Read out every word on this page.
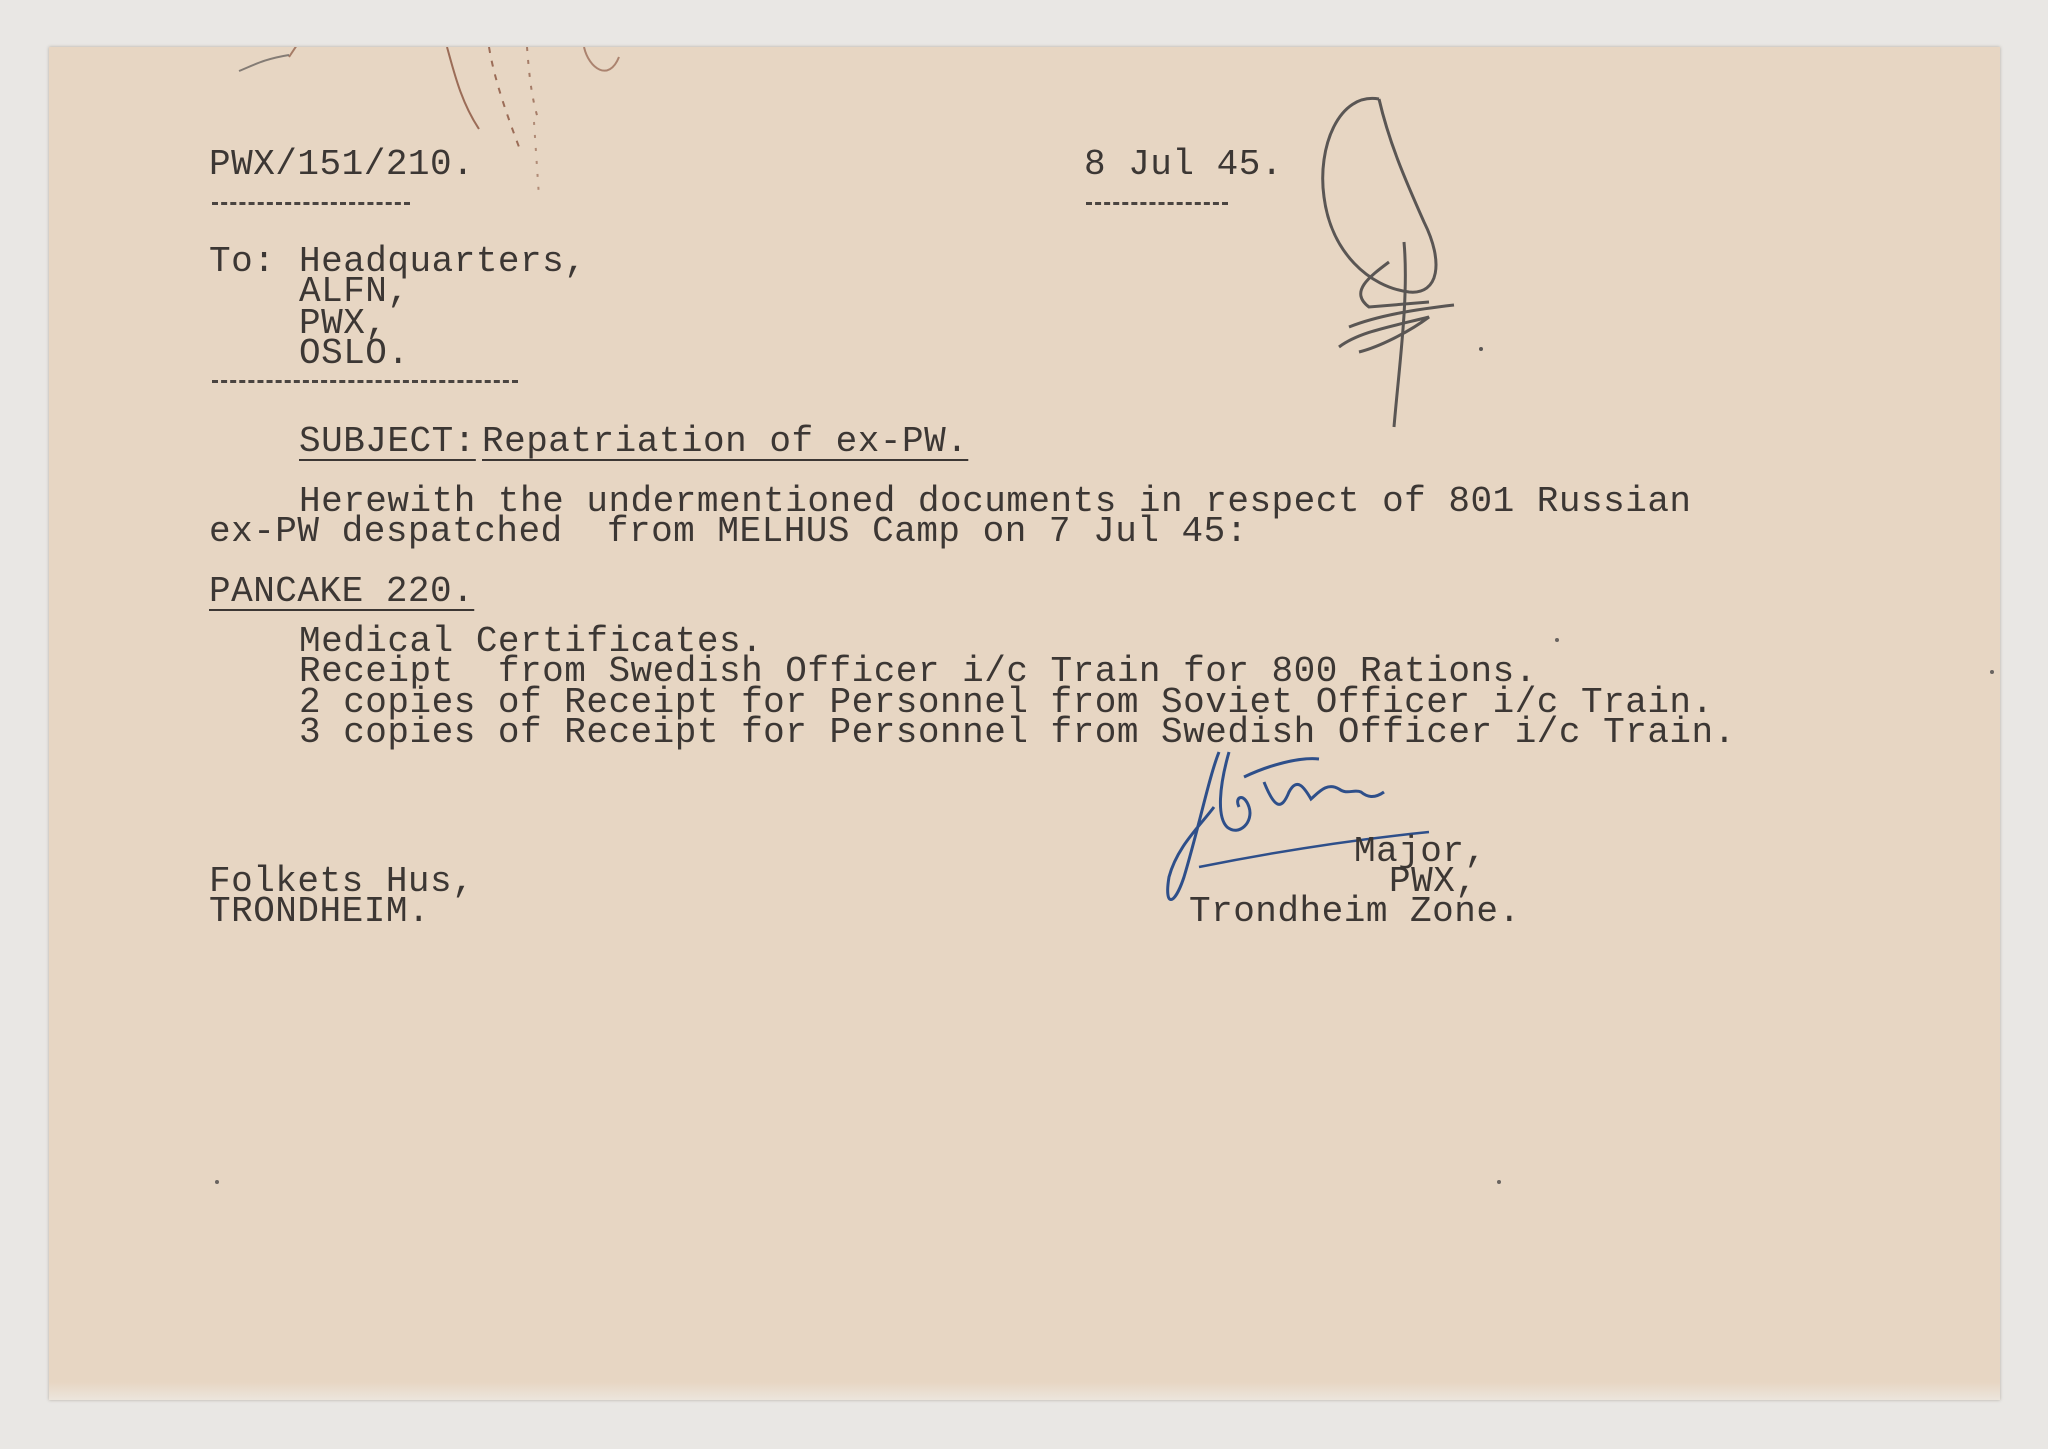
PWX/151/210.	8 Jul 45.
To: Headquarters,
ALFN,
PWX,
OSLO.
SUBJECT: Repatriation of ex-PW.
Herewith the undermentioned documents in respect of 801 Russian
ex-PW despatched  from MELHUS Camp on 7 Jul 45:
PANCAKE 220.
Medical Certificates.
Receipt  from Swedish Officer i/c Train for 800 Rations.
2 copies of Receipt for Personnel from Soviet Officer i/c Train.
3 copies of Receipt for Personnel from Swedish Officer i/c Train.
Major,
PWX,
Trondheim Zone.
Folkets Hus,
TRONDHEIM.
